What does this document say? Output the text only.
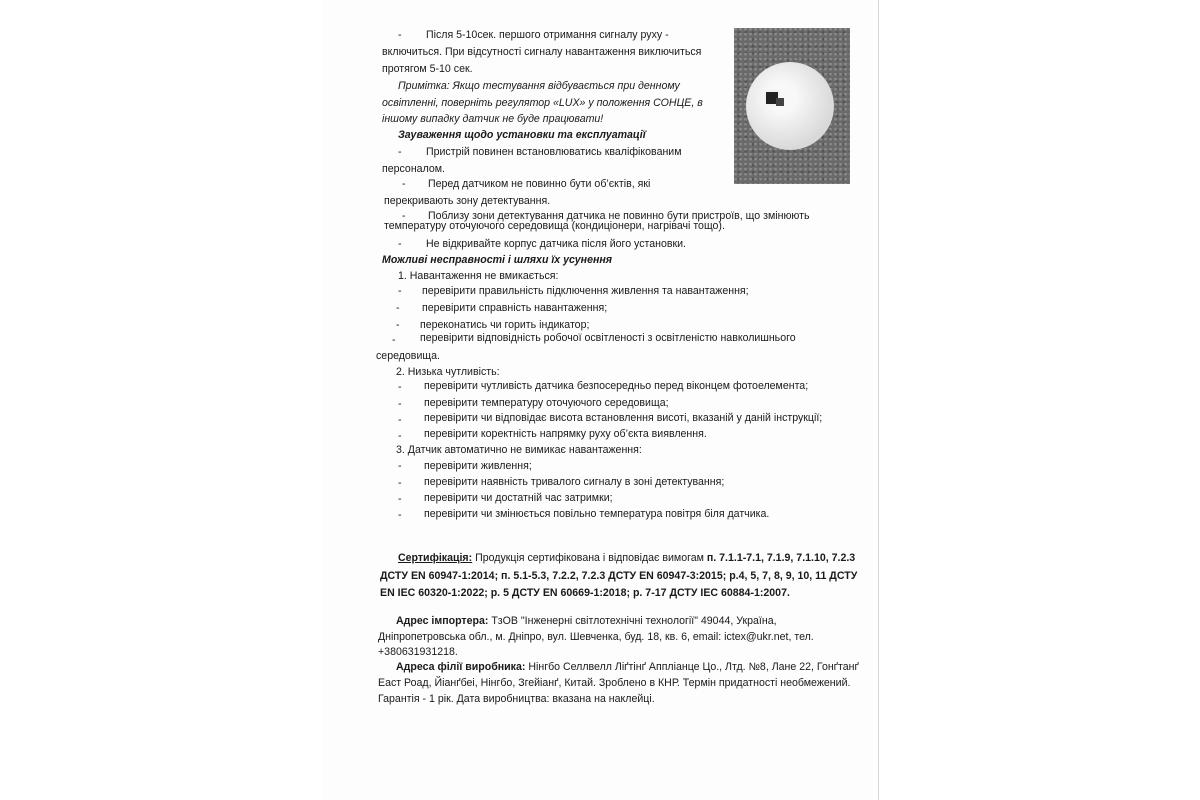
- Після 5-10сек. першого отримання сигналу руху -
включиться. При відсутності сигналу навантаження виключиться
протягом 5-10 сек.
Примітка: Якщо тестування відбувається при денному
освітленні, поверніть регулятор «LUX» у положення СОНЦЕ, в
іншому випадку датчик не буде працювати!
Зауваження щодо установки та експлуатації
- Пристрій повинен встановлюватись кваліфікованим
персоналом.
- Перед датчиком не повинно бути об’єктів, які
перекривають зону детектування.
- Поблизу зони детектування датчика не повинно бути пристроїв, що змінюють
температуру оточуючого середовища (кондиціонери, нагрівачі тощо).
- Не відкривайте корпус датчика після його установки.
Можливі несправності і шляхи їх усунення
1. Навантаження не вмикається:
- перевірити правильність підключення живлення та навантаження;
- перевірити справність навантаження;
- переконатись чи горить індикатор;
- перевірити відповідність робочої освітленості з освітленістю навколишнього
середовища.
2. Низька чутливість:
- перевірити чутливість датчика безпосередньо перед віконцем фотоелемента;
- перевірити температуру оточуючого середовища;
- перевірити чи відповідає висота встановлення висоті, вказаній у даній інструкції;
- перевірити коректність напрямку руху об’єкта виявлення.
3. Датчик автоматично не вимикає навантаження:
- перевірити живлення;
- перевірити наявність тривалого сигналу в зоні детектування;
- перевірити чи достатній час затримки;
- перевірити чи змінюється повільно температура повітря біля датчика.
Сертифікація: Продукція сертифікована і відповідає вимогам п. 7.1.1-7.1, 7.1.9, 7.1.10, 7.2.3
ДСТУ EN 60947-1:2014; п. 5.1-5.3, 7.2.2, 7.2.3 ДСТУ EN 60947-3:2015; р.4, 5, 7, 8, 9, 10, 11 ДСТУ
EN IEC 60320-1:2022; р. 5 ДСТУ EN 60669-1:2018; р. 7-17 ДСТУ IEC 60884-1:2007.
Адрес імпортера: ТзОВ "Інженерні світлотехнічні технології" 49044, Україна,
Дніпропетровська обл., м. Дніпро, вул. Шевченка, буд. 18, кв. 6, email: ictex@ukr.net, тел.
+380631931218.
Адреса філії виробника: Нінгбо Селлвелл Ліґтінґ Аппліанце Цо., Лтд. №8, Лане 22, Гонґтанґ
Еаст Роад, Йіанґбеі, Нінгбо, Згейіанґ, Китай. Зроблено в КНР. Термін придатності необмежений.
Гарантія - 1 рік. Дата виробництва: вказана на наклейці.
